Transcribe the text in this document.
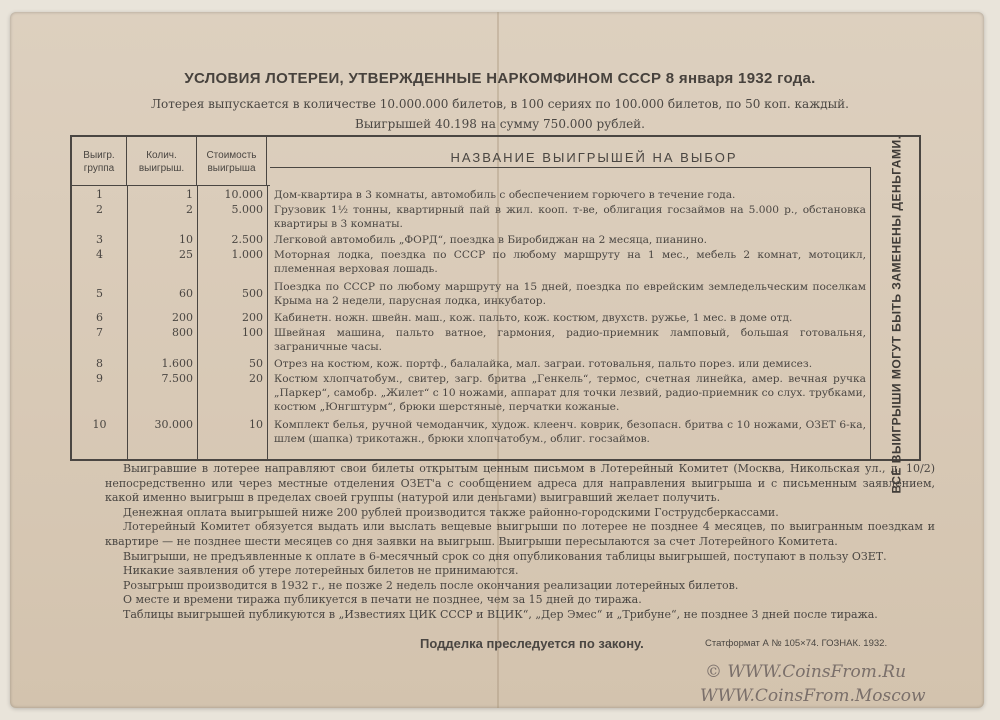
УСЛОВИЯ ЛОТЕРЕИ, УТВЕРЖДЕННЫЕ НАРКОМФИНОМ СССР 8 января 1932 года.
Лотерея выпускается в количестве 10.000.000 билетов, в 100 сериях по 100.000 билетов, по 50 коп. каждый.
Выигрышей 40.198 на сумму 750.000 рублей.
Выигр. группа
Колич. выигрыш.
Стоимость выигрыша
НАЗВАНИЕ ВЫИГРЫШЕЙ НА ВЫБОР	ВСЕ ВЫИГРЫШИ МОГУТ БЫТЬ ЗАМЕНЕНЫ ДЕНЬГАМИ.
1	1	10.000 Дом-квартира в 3 комнаты, автомобиль с обеспечением горючего в течение года.
2	2	5.000 Грузовик 1½ тонны, квартирный пай в жил. кооп. т-ве, облигация госзаймов на 5.000 р., обстановка квартиры в 3 комнаты.
3	10	2.500 Легковой автомобиль „ФОРД“, поездка в Биробиджан на 2 месяца, пианино.
4	25	1.000 Моторная лодка, поездка по СССР по любому маршруту на 1 мес., мебель 2 комнат, мотоцикл, племенная верховая лошадь.
5	60	500 Поездка по СССР по любому маршруту на 15 дней, поездка по еврейским земледельческим поселкам Крыма на 2 недели, парусная лодка, инкубатор.
6	200	200 Кабинетн. ножн. швейн. маш., кож. пальто, кож. костюм, двухств. ружье, 1 мес. в доме отд.
7	800	100 Швейная машина, пальто ватное, гармония, радио-приемник ламповый, большая готовальня, заграничные часы.
8	1.600	50 Отрез на костюм, кож. портф., балалайка, мал. заграи. готовальня, пальто порез. или демисез.
9	7.500	20 Костюм хлопчатобум., свитер, загр. бритва „Генкель“, термос, счетная линейка, амер. вечная ручка „Паркер“, самобр. „Жилет“ с 10 ножами, аппарат для точки лезвий, радио-приемник со слух. трубками, костюм „Юнгштурм“, брюки шерстяные, перчатки кожаные.
10	30.000	10 Комплект белья, ручной чемоданчик, худож. клеенч. коврик, безопасн. бритва с 10 ножами, ОЗЕТ 6-ка, шлем (шапка) трикотажн., брюки хлопчатобум., облиг. госзаймов.

Выигравшие в лотерее направляют свои билеты открытым ценным письмом в Лотерейный Комитет (Москва, Никольская ул., д. 10/2) непосредственно или через местные отделения ОЗЕТ'а с сообщением адреса для направления выигрыша и с письменным заявлением, какой именно выигрыш в пределах своей группы (натурой или деньгами) выигравший желает получить.

Денежная оплата выигрышей ниже 200 рублей производится также районно-городскими Гострудсберкассами.

Лотерейный Комитет обязуется выдать или выслать вещевые выигрыши по лотерее не позднее 4 месяцев, по выигранным поездкам и квартире — не позднее шести месяцев со дня заявки на выигрыш. Выигрыши пересылаются за счет Лотерейного Комитета.

Выигрыши, не предъявленные к оплате в 6-месячный срок со дня опубликования таблицы выигрышей, поступают в пользу ОЗЕТ.

Никакие заявления об утере лотерейных билетов не принимаются.

Розыгрыш производится в 1932 г., не позже 2 недель после окончания реализации лотерейных билетов.

О месте и времени тиража публикуется в печати не позднее, чем за 15 дней до тиража.

Таблицы выигрышей публикуются в „Известиях ЦИК СССР и ВЦИК“, „Дер Эмес“ и „Трибуне“, не позднее 3 дней после тиража.

Подделка преследуется по закону.	Статформат А № 105×74. ГОЗНАК. 1932.
© WWW.CoinsFrom.Ru
WWW.CoinsFrom.Moscow
